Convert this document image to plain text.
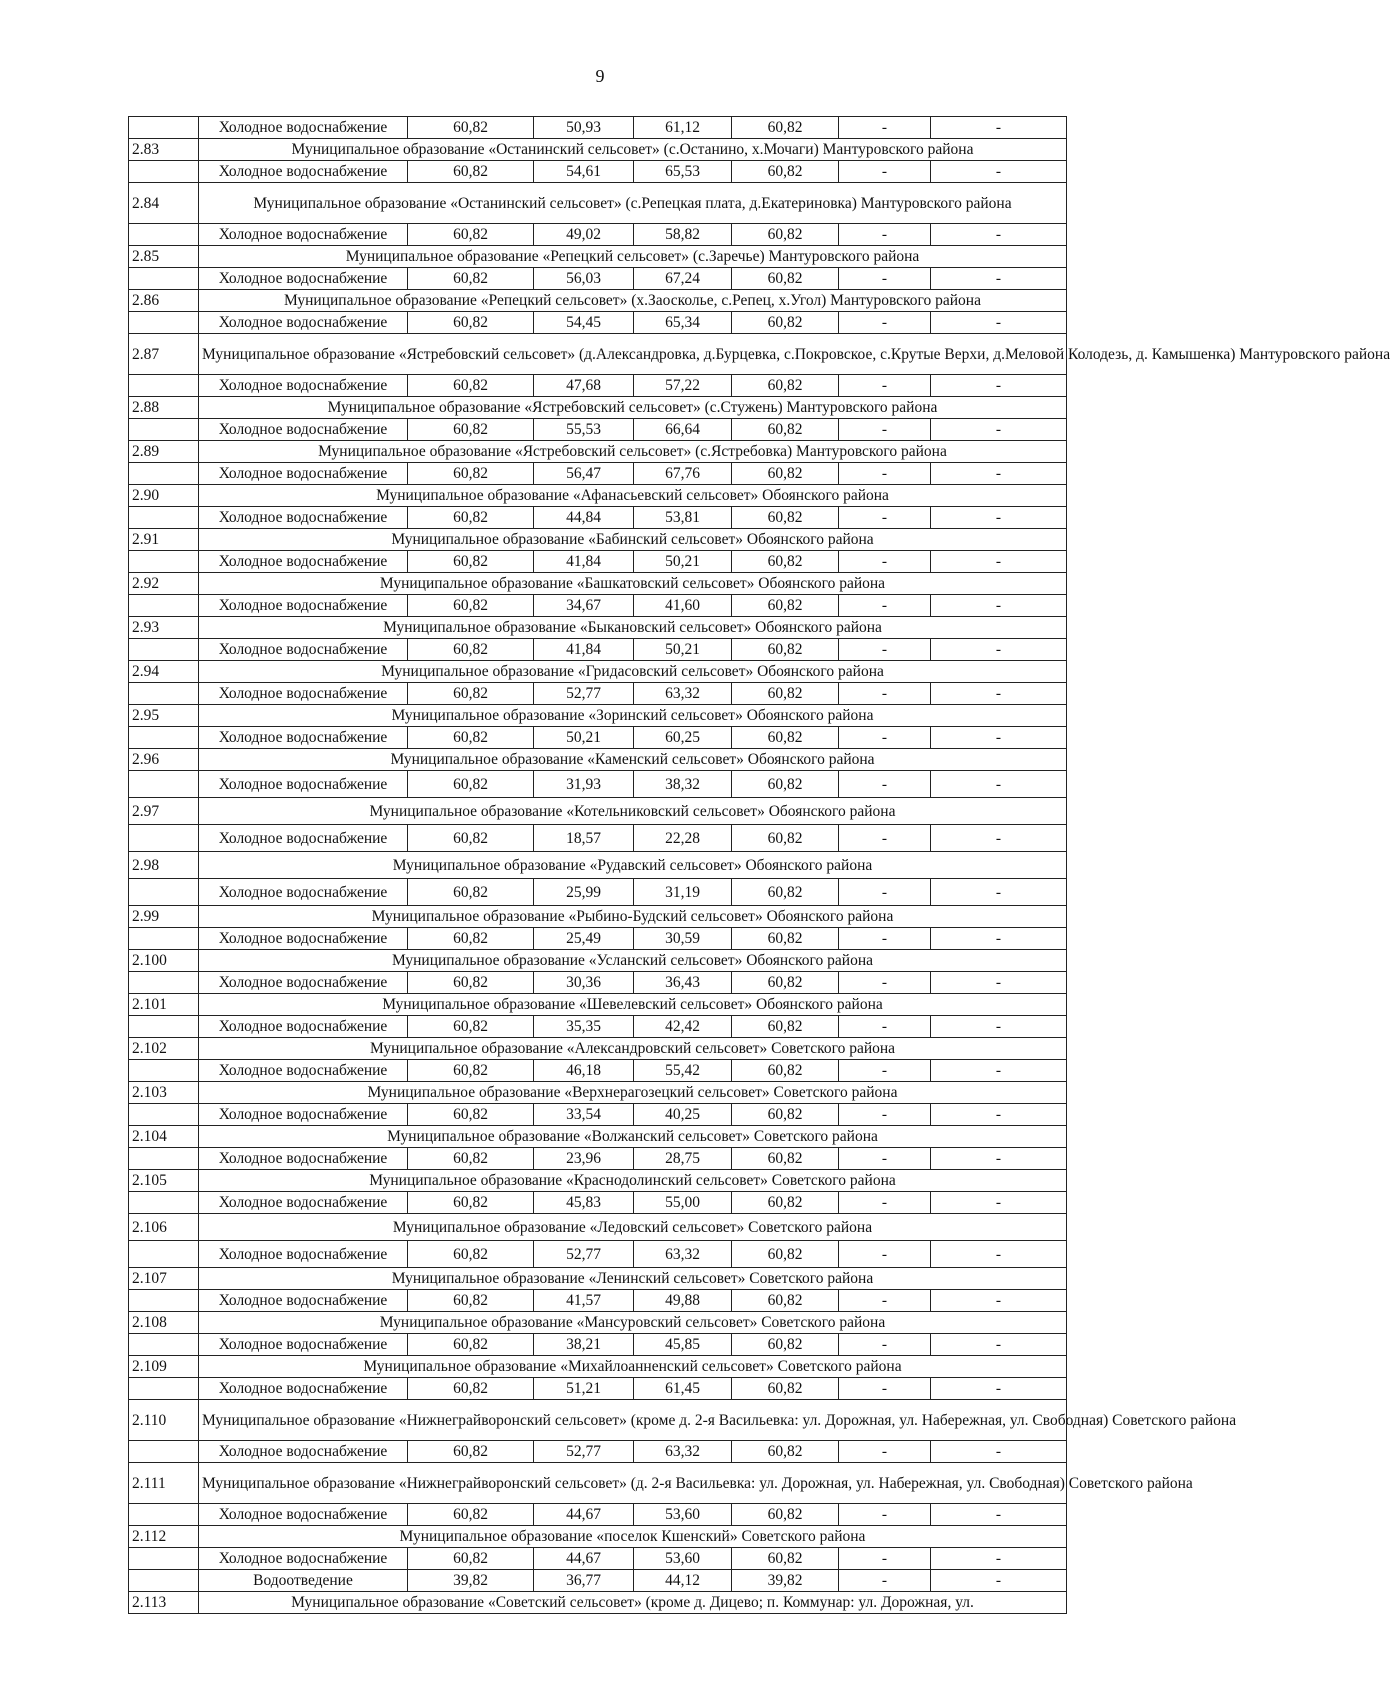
9
	Холодное водоснабжение	60,82	50,93	61,12	60,82	-	-
2.83	Муниципальное образование «Останинский сельсовет» (с.Останино, х.Мочаги) Мантуровского района						
	Холодное водоснабжение	60,82	54,61	65,53	60,82	-	-
2.84	Муниципальное образование «Останинский сельсовет» (с.Репецкая плата, д.Екатериновка) Мантуровского района						
	Холодное водоснабжение	60,82	49,02	58,82	60,82	-	-
2.85	Муниципальное образование «Репецкий сельсовет» (с.Заречье) Мантуровского района						
	Холодное водоснабжение	60,82	56,03	67,24	60,82	-	-
2.86	Муниципальное образование «Репецкий сельсовет» (х.Заосколье, с.Репец, х.Угол) Мантуровского района						
	Холодное водоснабжение	60,82	54,45	65,34	60,82	-	-
2.87	Муниципальное образование «Ястребовский сельсовет» (д.Александровка, д.Бурцевка, с.Покровское, с.Крутые Верхи, д.Меловой Колодезь, д. Камышенка) Мантуровского района						
	Холодное водоснабжение	60,82	47,68	57,22	60,82	-	-
2.88	Муниципальное образование «Ястребовский сельсовет» (с.Стужень) Мантуровского района						
	Холодное водоснабжение	60,82	55,53	66,64	60,82	-	-
2.89	Муниципальное образование «Ястребовский сельсовет» (с.Ястребовка) Мантуровского района						
	Холодное водоснабжение	60,82	56,47	67,76	60,82	-	-
2.90	Муниципальное образование «Афанасьевский сельсовет» Обоянского района						
	Холодное водоснабжение	60,82	44,84	53,81	60,82	-	-
2.91	Муниципальное образование «Бабинский сельсовет» Обоянского района						
	Холодное водоснабжение	60,82	41,84	50,21	60,82	-	-
2.92	Муниципальное образование «Башкатовский сельсовет» Обоянского района						
	Холодное водоснабжение	60,82	34,67	41,60	60,82	-	-
2.93	Муниципальное образование «Быкановский сельсовет» Обоянского района						
	Холодное водоснабжение	60,82	41,84	50,21	60,82	-	-
2.94	Муниципальное образование «Гридасовский сельсовет» Обоянского района						
	Холодное водоснабжение	60,82	52,77	63,32	60,82	-	-
2.95	Муниципальное образование «Зоринский сельсовет» Обоянского района						
	Холодное водоснабжение	60,82	50,21	60,25	60,82	-	-
2.96	Муниципальное образование «Каменский сельсовет» Обоянского района						
	Холодное водоснабжение	60,82	31,93	38,32	60,82	-	-
2.97	Муниципальное образование «Котельниковский сельсовет» Обоянского района						
	Холодное водоснабжение	60,82	18,57	22,28	60,82	-	-
2.98	Муниципальное образование «Рудавский сельсовет» Обоянского района						
	Холодное водоснабжение	60,82	25,99	31,19	60,82	-	-
2.99	Муниципальное образование «Рыбино-Будский сельсовет» Обоянского района						
	Холодное водоснабжение	60,82	25,49	30,59	60,82	-	-
2.100	Муниципальное образование «Усланский сельсовет» Обоянского района						
	Холодное водоснабжение	60,82	30,36	36,43	60,82	-	-
2.101	Муниципальное образование «Шевелевский сельсовет» Обоянского района						
	Холодное водоснабжение	60,82	35,35	42,42	60,82	-	-
2.102	Муниципальное образование «Александровский сельсовет» Советского района						
	Холодное водоснабжение	60,82	46,18	55,42	60,82	-	-
2.103	Муниципальное образование «Верхнерагозецкий сельсовет» Советского района						
	Холодное водоснабжение	60,82	33,54	40,25	60,82	-	-
2.104	Муниципальное образование «Волжанский сельсовет» Советского района						
	Холодное водоснабжение	60,82	23,96	28,75	60,82	-	-
2.105	Муниципальное образование «Краснодолинский сельсовет» Советского района						
	Холодное водоснабжение	60,82	45,83	55,00	60,82	-	-
2.106	Муниципальное образование «Ледовский сельсовет» Советского района						
	Холодное водоснабжение	60,82	52,77	63,32	60,82	-	-
2.107	Муниципальное образование «Ленинский сельсовет» Советского района						
	Холодное водоснабжение	60,82	41,57	49,88	60,82	-	-
2.108	Муниципальное образование «Мансуровский сельсовет» Советского района						
	Холодное водоснабжение	60,82	38,21	45,85	60,82	-	-
2.109	Муниципальное образование «Михайлоанненский сельсовет» Советского района						
	Холодное водоснабжение	60,82	51,21	61,45	60,82	-	-
2.110	Муниципальное образование «Нижнеграйворонский сельсовет» (кроме д. 2-я Васильевка: ул. Дорожная, ул. Набережная, ул. Свободная) Советского района						
	Холодное водоснабжение	60,82	52,77	63,32	60,82	-	-
2.111	Муниципальное образование «Нижнеграйворонский сельсовет» (д. 2-я Васильевка: ул. Дорожная, ул. Набережная, ул. Свободная) Советского района						
	Холодное водоснабжение	60,82	44,67	53,60	60,82	-	-
2.112	Муниципальное образование «поселок Кшенский» Советского района						
	Холодное водоснабжение	60,82	44,67	53,60	60,82	-	-
	Водоотведение	39,82	36,77	44,12	39,82	-	-
2.113	Муниципальное образование «Советский сельсовет» (кроме д. Дицево; п. Коммунар: ул. Дорожная, ул.						
